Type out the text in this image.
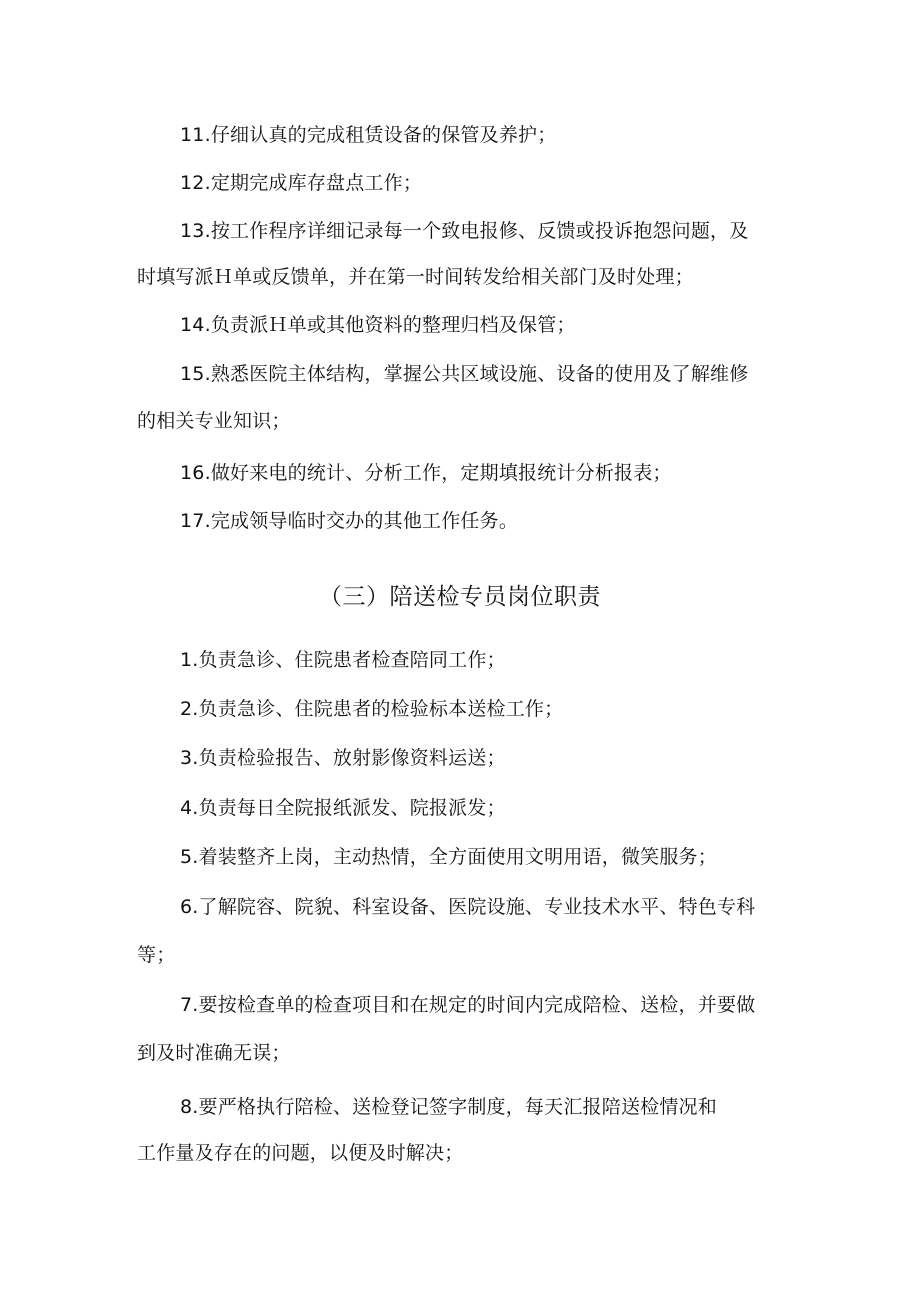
11.仔细认真的完成租赁设备的保管及养护；
12.定期完成库存盘点工作；
13.按工作程序详细记录每一个致电报修、反馈或投诉抱怨问题，及
时填写派Ｈ单或反馈单，并在第一时间转发给相关部门及时处理；
14.负责派Ｈ单或其他资料的整理归档及保管；
15.熟悉医院主体结构，掌握公共区域设施、设备的使用及了解维修
的相关专业知识；
16.做好来电的统计、分析工作，定期填报统计分析报表；
17.完成领导临时交办的其他工作任务。
（三）陪送检专员岗位职责
1.负责急诊、住院患者检查陪同工作；
2.负责急诊、住院患者的检验标本送检工作；
3.负责检验报告、放射影像资料运送；
4.负责每日全院报纸派发、院报派发；
5.着装整齐上岗，主动热情，全方面使用文明用语，微笑服务；
6.了解院容、院貌、科室设备、医院设施、专业技术水平、特色专科
等；
7.要按检查单的检查项目和在规定的时间内完成陪检、送检，并要做
到及时准确无误；
8.要严格执行陪检、送检登记签字制度，每天汇报陪送检情况和
工作量及存在的问题，以便及时解决；
